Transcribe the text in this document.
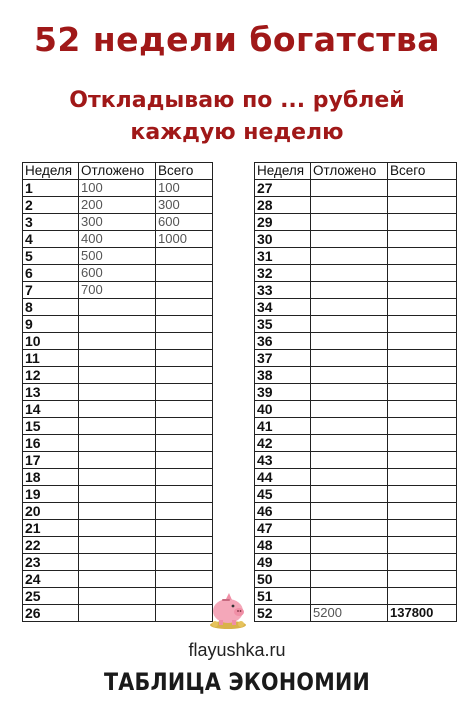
52 недели богатства
Откладываю по ... рублей
каждую неделю
Неделя	Отложено	Всего
1	100	100
2	200	300
3	300	600
4	400	1000
5	500	
6	600	
7	700	
8		
9		
10		
11		
12		
13		
14		
15		
16		
17		
18		
19		
20		
21		
22		
23		
24		
25		
26		
Неделя	Отложено	Всего
27		
28		
29		
30		
31		
32		
33		
34		
35		
36		
37		
38		
39		
40		
41		
42		
43		
44		
45		
46		
47		
48		
49		
50		
51		
52	5200	137800
flayushka.ru
ТАБЛИЦА ЭКОНОМИИ
